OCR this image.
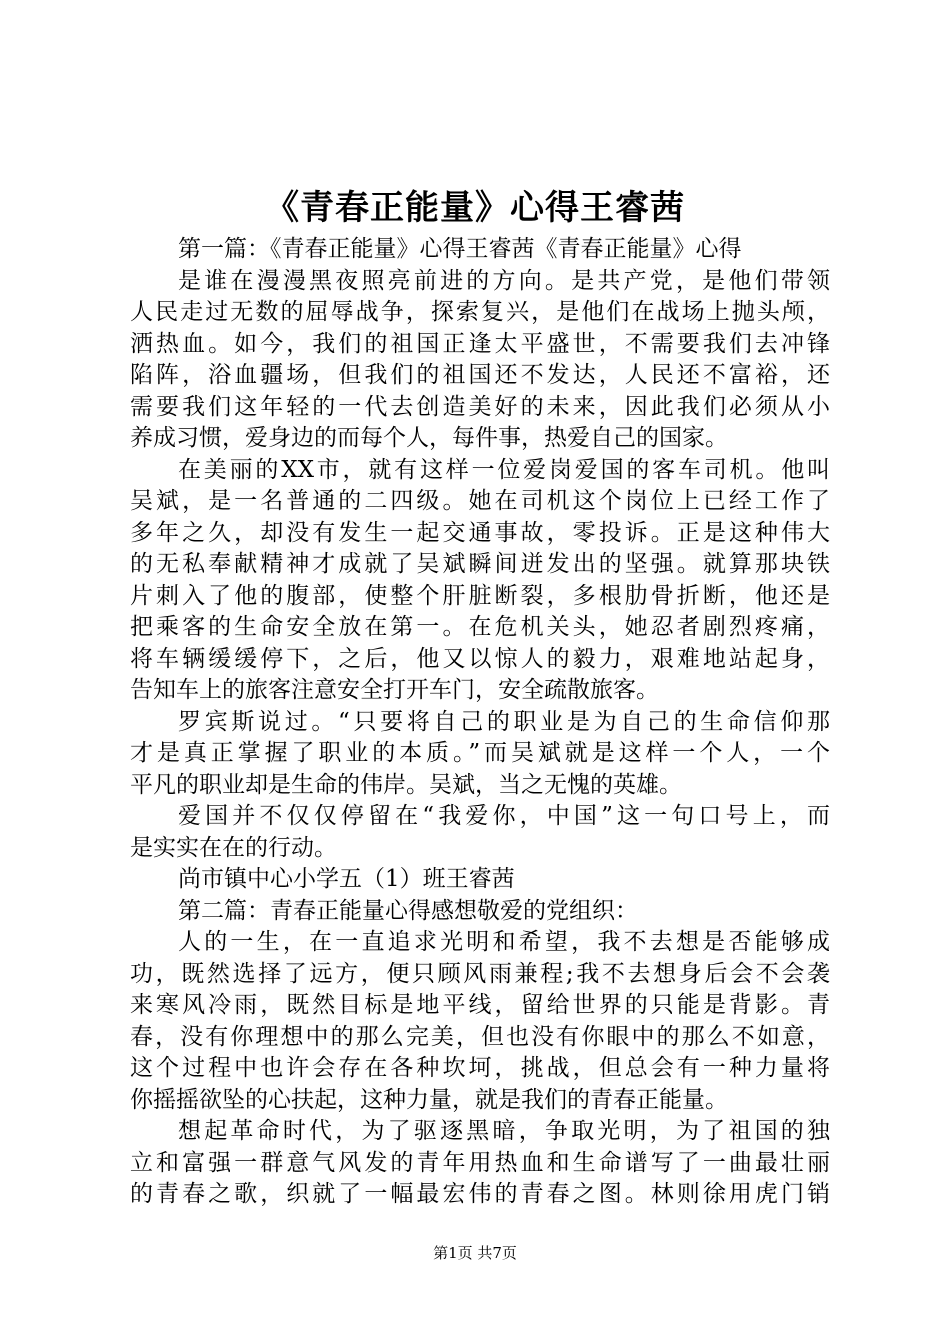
《青春正能量》心得王睿茜
第一篇：《青春正能量》心得王睿茜《青春正能量》心得
是谁在漫漫黑夜照亮前进的方向。是共产党，是他们带领
人民走过无数的屈辱战争，探索复兴，是他们在战场上抛头颅，
洒热血。如今，我们的祖国正逢太平盛世，不需要我们去冲锋
陷阵，浴血疆场，但我们的祖国还不发达，人民还不富裕，还
需要我们这年轻的一代去创造美好的未来，因此我们必须从小
养成习惯，爱身边的而每个人，每件事，热爱自己的国家。
在美丽的XX市，就有这样一位爱岗爱国的客车司机。他叫
吴斌，是一名普通的二四级。她在司机这个岗位上已经工作了
多年之久，却没有发生一起交通事故，零投诉。正是这种伟大
的无私奉献精神才成就了吴斌瞬间迸发出的坚强。就算那块铁
片刺入了他的腹部，使整个肝脏断裂，多根肋骨折断，他还是
把乘客的生命安全放在第一。在危机关头，她忍者剧烈疼痛，
将车辆缓缓停下，之后，他又以惊人的毅力，艰难地站起身，
告知车上的旅客注意安全打开车门，安全疏散旅客。
罗宾斯说过。“只要将自己的职业是为自己的生命信仰那
才是真正掌握了职业的本质。”而吴斌就是这样一个人，一个
平凡的职业却是生命的伟岸。吴斌，当之无愧的英雄。
爱国并不仅仅停留在“我爱你，中国”这一句口号上，而
是实实在在的行动。
尚市镇中心小学五（1）班王睿茜
第二篇：青春正能量心得感想敬爱的党组织：
人的一生，在一直追求光明和希望，我不去想是否能够成
功，既然选择了远方，便只顾风雨兼程;我不去想身后会不会袭
来寒风冷雨，既然目标是地平线，留给世界的只能是背影。青
春，没有你理想中的那么完美，但也没有你眼中的那么不如意，
这个过程中也许会存在各种坎坷，挑战，但总会有一种力量将
你摇摇欲坠的心扶起，这种力量，就是我们的青春正能量。
想起革命时代，为了驱逐黑暗，争取光明，为了祖国的独
立和富强一群意气风发的青年用热血和生命谱写了一曲最壮丽
的青春之歌，织就了一幅最宏伟的青春之图。林则徐用虎门销
第1页 共7页
